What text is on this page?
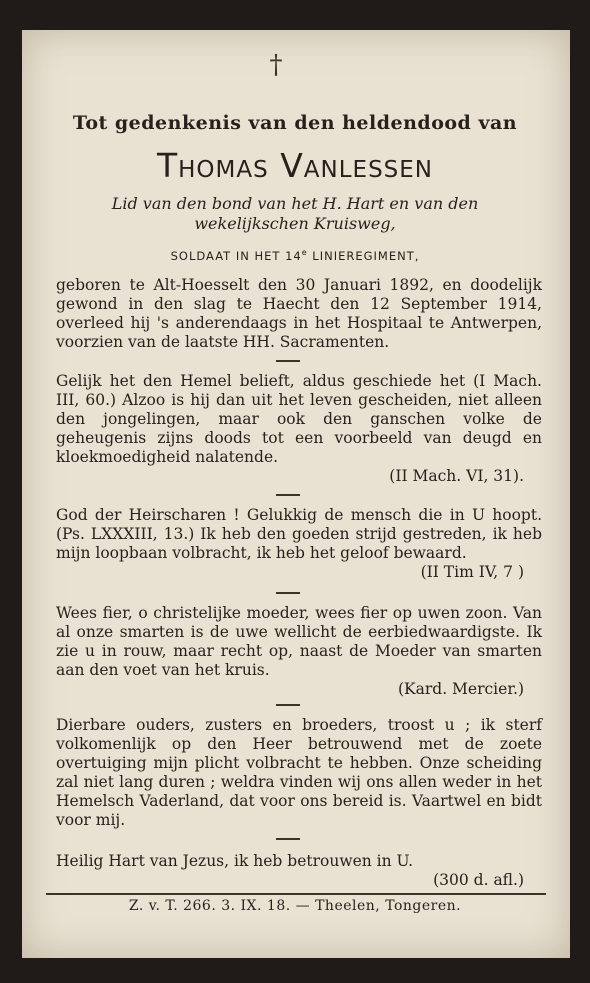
†
Tot gedenkenis van den heldendood van
Thomas Vanlessen
Lid van den bond van het H. Hart en van den
wekelijkschen Kruisweg,
SOLDAAT IN HET 14e LINIEREGIMENT,
geboren te Alt-Hoesselt den 30 Januari 1892, en doodelijk gewond in den slag te Haecht den 12 September 1914, overleed hij 's anderendaags in het Hospitaal te Antwerpen, voorzien van de laatste HH. Sacramenten.
Gelijk het den Hemel belieft, aldus geschiede het (I Mach. III, 60.) Alzoo is hij dan uit het leven gescheiden, niet alleen den jongelingen, maar ook den ganschen volke de geheugenis zijns doods tot een voorbeeld van deugd en kloekmoedigheid nalatende.
(II Mach. VI, 31).
God der Heirscharen ! Gelukkig de mensch die in U hoopt. (Ps. LXXXIII, 13.) Ik heb den goeden strijd gestreden, ik heb mijn loopbaan volbracht, ik heb het geloof bewaard.
(II Tim IV, 7 )
Wees fier, o christelijke moeder, wees fier op uwen zoon. Van al onze smarten is de uwe wellicht de eerbiedwaardigste. Ik zie u in rouw, maar recht op, naast de Moeder van smarten aan den voet van het kruis.
(Kard. Mercier.)
Dierbare ouders, zusters en broeders, troost u ; ik sterf volkomenlijk op den Heer betrouwend met de zoete overtuiging mijn plicht volbracht te hebben. Onze scheiding zal niet lang duren ; weldra vinden wij ons allen weder in het Hemelsch Vaderland, dat voor ons bereid is. Vaartwel en bidt voor mij.
Heilig Hart van Jezus, ik heb betrouwen in U.
(300 d. afl.)
Z. v. T. 266. 3. IX. 18. — Theelen, Tongeren.
